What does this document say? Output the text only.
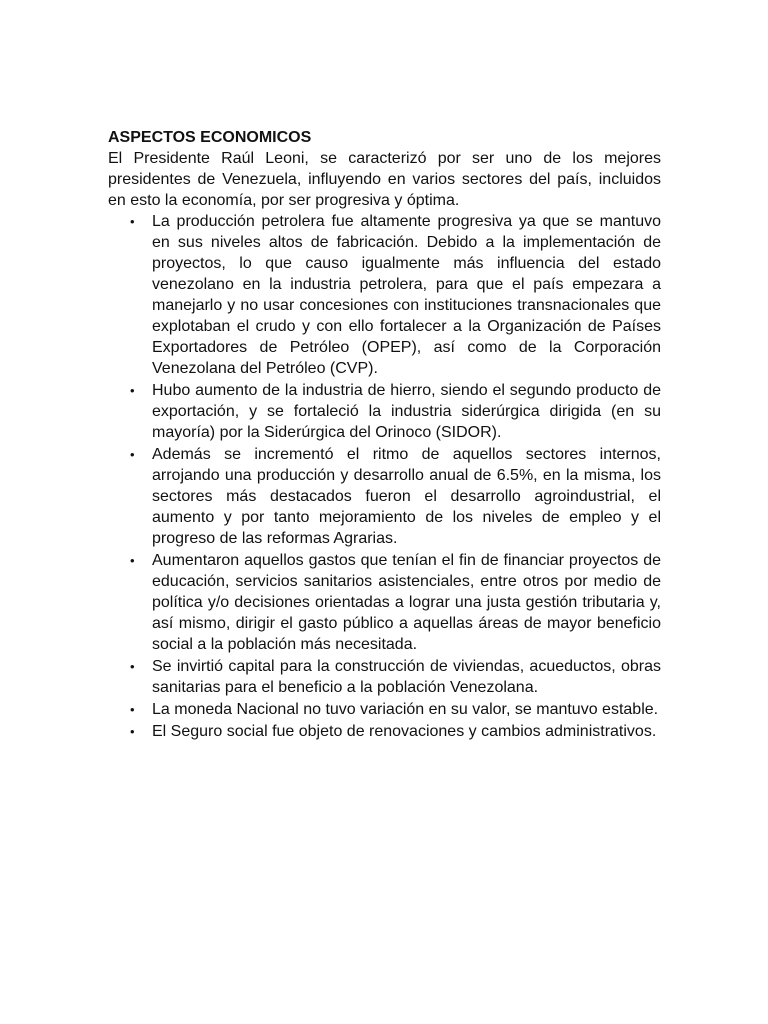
ASPECTOS ECONOMICOS

El Presidente Raúl Leoni, se caracterizó por ser uno de los mejores presidentes de Venezuela, influyendo en varios sectores del país, incluidos en esto la economía, por ser progresiva y óptima.

• La producción petrolera fue altamente progresiva ya que se mantuvo en sus niveles altos de fabricación. Debido a la implementación de proyectos, lo que causo igualmente más influencia del estado venezolano en la industria petrolera, para que el país empezara a manejarlo y no usar concesiones con instituciones transnacionales que explotaban el crudo y con ello fortalecer a la Organización de Países Exportadores de Petróleo (OPEP), así como de la Corporación Venezolana del Petróleo (CVP).
• Hubo aumento de la industria de hierro, siendo el segundo producto de exportación, y se fortaleció la industria siderúrgica dirigida (en su mayoría) por la Siderúrgica del Orinoco (SIDOR).
• Además se incrementó el ritmo de aquellos sectores internos, arrojando una producción y desarrollo anual de 6.5%, en la misma, los sectores más destacados fueron el desarrollo agroindustrial, el aumento y por tanto mejoramiento de los niveles de empleo y el progreso de las reformas Agrarias.
• Aumentaron aquellos gastos que tenían el fin de financiar proyectos de educación, servicios sanitarios asistenciales, entre otros por medio de política y/o decisiones orientadas a lograr una justa gestión tributaria y, así mismo, dirigir el gasto público a aquellas áreas de mayor beneficio social a la población más necesitada.
• Se invirtió capital para la construcción de viviendas, acueductos, obras sanitarias para el beneficio a la población Venezolana.
• La moneda Nacional no tuvo variación en su valor, se mantuvo estable.
• El Seguro social fue objeto de renovaciones y cambios administrativos.
